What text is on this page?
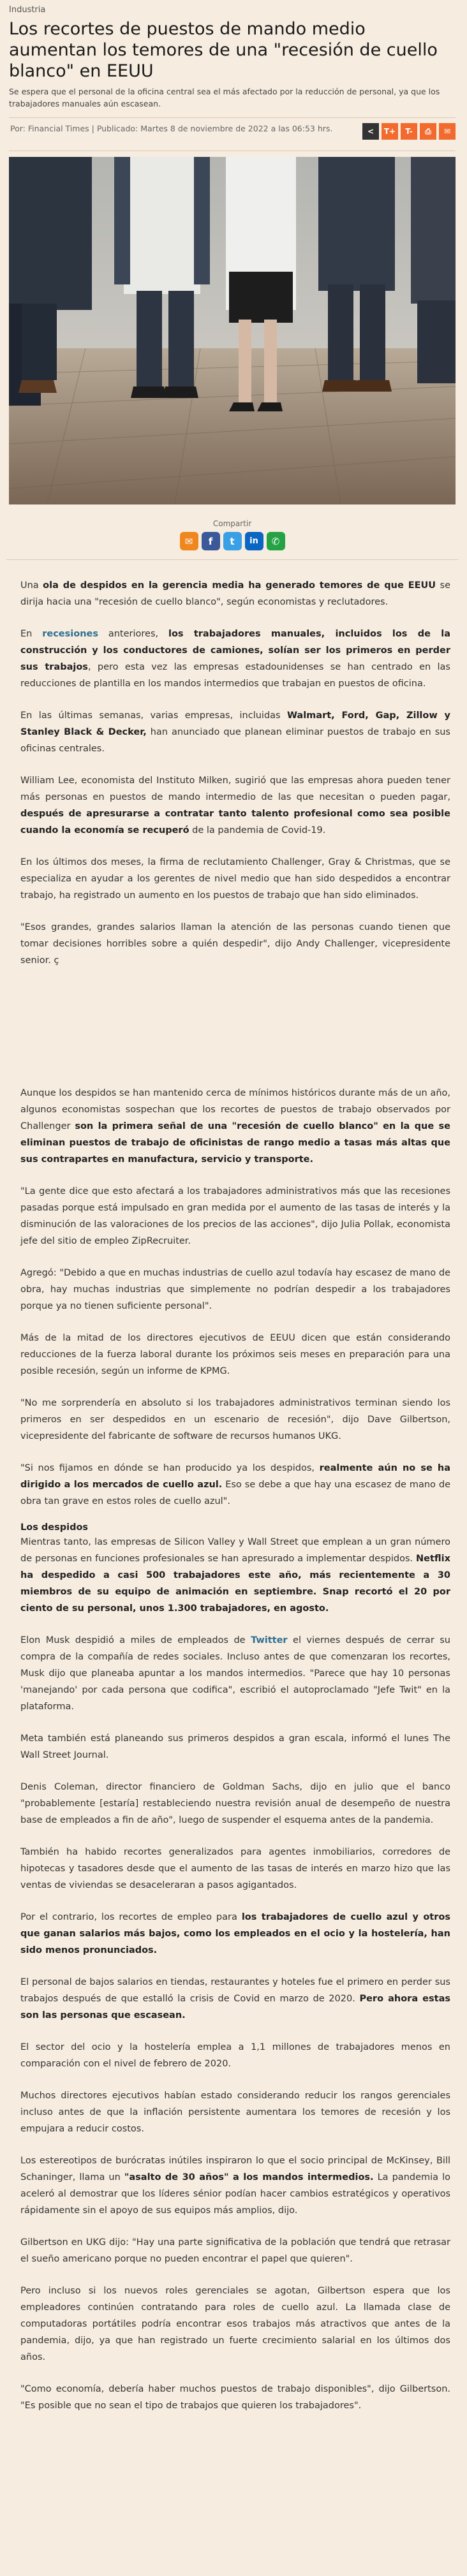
Industria
Los recortes de puestos de mando medio aumentan los temores de una "recesión de cuello blanco" en EEUU
Se espera que el personal de la oficina central sea el más afectado por la reducción de personal, ya que los trabajadores manuales aún escasean.
Por: Financial Times | Publicado: Martes 8 de noviembre de 2022 a las 06:53 hrs.	<	T+	T-	⎙	✉
Compartir
✉	f	t	in	✆

Una ola de despidos en la gerencia media ha generado temores de que EEUU se dirija hacia una "recesión de cuello blanco", según economistas y reclutadores.

En recesiones anteriores, los trabajadores manuales, incluidos los de la construcción y los conductores de camiones, solían ser los primeros en perder sus trabajos, pero esta vez las empresas estadounidenses se han centrado en las reducciones de plantilla en los mandos intermedios que trabajan en puestos de oficina.

En las últimas semanas, varias empresas, incluidas Walmart, Ford, Gap, Zillow y Stanley Black & Decker, han anunciado que planean eliminar puestos de trabajo en sus oficinas centrales.

William Lee, economista del Instituto Milken, sugirió que las empresas ahora pueden tener más personas en puestos de mando intermedio de las que necesitan o pueden pagar, después de apresurarse a contratar tanto talento profesional como sea posible cuando la economía se recuperó de la pandemia de Covid-19.

En los últimos dos meses, la firma de reclutamiento Challenger, Gray & Christmas, que se especializa en ayudar a los gerentes de nivel medio que han sido despedidos a encontrar trabajo, ha registrado un aumento en los puestos de trabajo que han sido eliminados.

"Esos grandes, grandes salarios llaman la atención de las personas cuando tienen que tomar decisiones horribles sobre a quién despedir", dijo Andy Challenger, vicepresidente senior. ç

Aunque los despidos se han mantenido cerca de mínimos históricos durante más de un año, algunos economistas sospechan que los recortes de puestos de trabajo observados por Challenger son la primera señal de una "recesión de cuello blanco" en la que se eliminan puestos de trabajo de oficinistas de rango medio a tasas más altas que sus contrapartes en manufactura, servicio y transporte.

"La gente dice que esto afectará a los trabajadores administrativos más que las recesiones pasadas porque está impulsado en gran medida por el aumento de las tasas de interés y la disminución de las valoraciones de los precios de las acciones", dijo Julia Pollak, economista jefe del sitio de empleo ZipRecruiter.

Agregó: "Debido a que en muchas industrias de cuello azul todavía hay escasez de mano de obra, hay muchas industrias que simplemente no podrían despedir a los trabajadores porque ya no tienen suficiente personal".

Más de la mitad de los directores ejecutivos de EEUU dicen que están considerando reducciones de la fuerza laboral durante los próximos seis meses en preparación para una posible recesión, según un informe de KPMG.

"No me sorprendería en absoluto si los trabajadores administrativos terminan siendo los primeros en ser despedidos en un escenario de recesión", dijo Dave Gilbertson, vicepresidente del fabricante de software de recursos humanos UKG.

"Si nos fijamos en dónde se han producido ya los despidos, realmente aún no se ha dirigido a los mercados de cuello azul. Eso se debe a que hay una escasez de mano de obra tan grave en estos roles de cuello azul".

Los despidos

Mientras tanto, las empresas de Silicon Valley y Wall Street que emplean a un gran número de personas en funciones profesionales se han apresurado a implementar despidos. Netflix ha despedido a casi 500 trabajadores este año, más recientemente a 30 miembros de su equipo de animación en septiembre. Snap recortó el 20 por ciento de su personal, unos 1.300 trabajadores, en agosto.

Elon Musk despidió a miles de empleados de Twitter el viernes después de cerrar su compra de la compañía de redes sociales. Incluso antes de que comenzaran los recortes, Musk dijo que planeaba apuntar a los mandos intermedios. "Parece que hay 10 personas 'manejando' por cada persona que codifica", escribió el autoproclamado "Jefe Twit" en la plataforma.

Meta también está planeando sus primeros despidos a gran escala, informó el lunes The Wall Street Journal.

Denis Coleman, director financiero de Goldman Sachs, dijo en julio que el banco "probablemente [estaría] restableciendo nuestra revisión anual de desempeño de nuestra base de empleados a fin de año", luego de suspender el esquema antes de la pandemia.

También ha habido recortes generalizados para agentes inmobiliarios, corredores de hipotecas y tasadores desde que el aumento de las tasas de interés en marzo hizo que las ventas de viviendas se desaceleraran a pasos agigantados.

Por el contrario, los recortes de empleo para los trabajadores de cuello azul y otros que ganan salarios más bajos, como los empleados en el ocio y la hostelería, han sido menos pronunciados.

El personal de bajos salarios en tiendas, restaurantes y hoteles fue el primero en perder sus trabajos después de que estalló la crisis de Covid en marzo de 2020. Pero ahora estas son las personas que escasean.

El sector del ocio y la hostelería emplea a 1,1 millones de trabajadores menos en comparación con el nivel de febrero de 2020.

Muchos directores ejecutivos habían estado considerando reducir los rangos gerenciales incluso antes de que la inflación persistente aumentara los temores de recesión y los empujara a reducir costos.

Los estereotipos de burócratas inútiles inspiraron lo que el socio principal de McKinsey, Bill Schaninger, llama un "asalto de 30 años" a los mandos intermedios. La pandemia lo aceleró al demostrar que los líderes sénior podían hacer cambios estratégicos y operativos rápidamente sin el apoyo de sus equipos más amplios, dijo.

Gilbertson en UKG dijo: "Hay una parte significativa de la población que tendrá que retrasar el sueño americano porque no pueden encontrar el papel que quieren".

Pero incluso si los nuevos roles gerenciales se agotan, Gilbertson espera que los empleadores continúen contratando para roles de cuello azul. La llamada clase de computadoras portátiles podría encontrar esos trabajos más atractivos que antes de la pandemia, dijo, ya que han registrado un fuerte crecimiento salarial en los últimos dos años.

"Como economía, debería haber muchos puestos de trabajo disponibles", dijo Gilbertson. "Es posible que no sean el tipo de trabajos que quieren los trabajadores".
